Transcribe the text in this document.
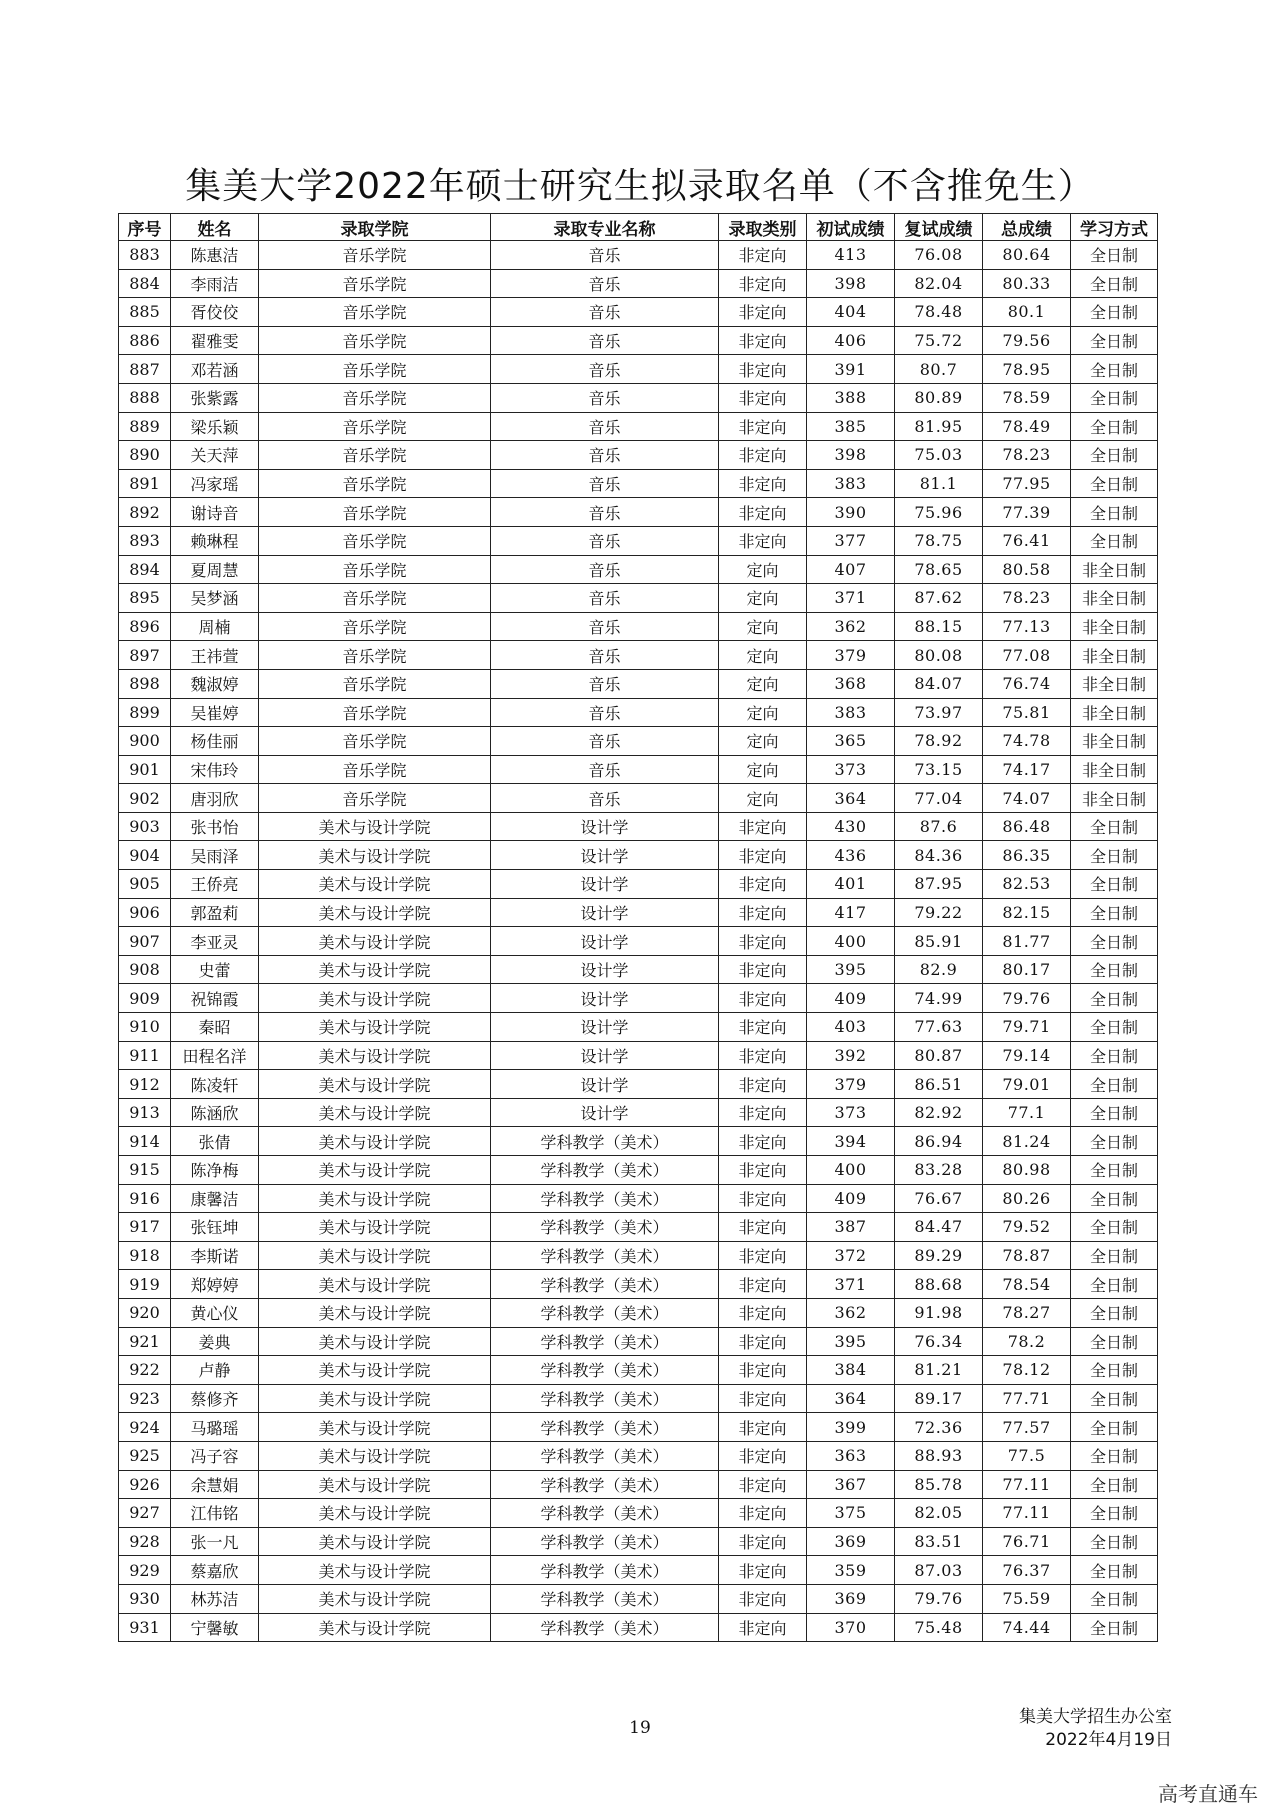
集美大学2022年硕士研究生拟录取名单（不含推免生）
序号	姓名	录取学院	录取专业名称	录取类别	初试成绩	复试成绩	总成绩	学习方式
883	陈惠洁	音乐学院	音乐	非定向	413	76.08	80.64	全日制
884	李雨洁	音乐学院	音乐	非定向	398	82.04	80.33	全日制
885	胥佼佼	音乐学院	音乐	非定向	404	78.48	80.1	全日制
886	翟雅雯	音乐学院	音乐	非定向	406	75.72	79.56	全日制
887	邓若涵	音乐学院	音乐	非定向	391	80.7	78.95	全日制
888	张紫露	音乐学院	音乐	非定向	388	80.89	78.59	全日制
889	梁乐颖	音乐学院	音乐	非定向	385	81.95	78.49	全日制
890	关天萍	音乐学院	音乐	非定向	398	75.03	78.23	全日制
891	冯家瑶	音乐学院	音乐	非定向	383	81.1	77.95	全日制
892	谢诗音	音乐学院	音乐	非定向	390	75.96	77.39	全日制
893	赖琳程	音乐学院	音乐	非定向	377	78.75	76.41	全日制
894	夏周慧	音乐学院	音乐	定向	407	78.65	80.58	非全日制
895	吴梦涵	音乐学院	音乐	定向	371	87.62	78.23	非全日制
896	周楠	音乐学院	音乐	定向	362	88.15	77.13	非全日制
897	王祎萱	音乐学院	音乐	定向	379	80.08	77.08	非全日制
898	魏淑婷	音乐学院	音乐	定向	368	84.07	76.74	非全日制
899	吴崔婷	音乐学院	音乐	定向	383	73.97	75.81	非全日制
900	杨佳丽	音乐学院	音乐	定向	365	78.92	74.78	非全日制
901	宋伟玲	音乐学院	音乐	定向	373	73.15	74.17	非全日制
902	唐羽欣	音乐学院	音乐	定向	364	77.04	74.07	非全日制
903	张书怡	美术与设计学院	设计学	非定向	430	87.6	86.48	全日制
904	吴雨泽	美术与设计学院	设计学	非定向	436	84.36	86.35	全日制
905	王侨亮	美术与设计学院	设计学	非定向	401	87.95	82.53	全日制
906	郭盈莉	美术与设计学院	设计学	非定向	417	79.22	82.15	全日制
907	李亚灵	美术与设计学院	设计学	非定向	400	85.91	81.77	全日制
908	史蕾	美术与设计学院	设计学	非定向	395	82.9	80.17	全日制
909	祝锦霞	美术与设计学院	设计学	非定向	409	74.99	79.76	全日制
910	秦昭	美术与设计学院	设计学	非定向	403	77.63	79.71	全日制
911	田程名洋	美术与设计学院	设计学	非定向	392	80.87	79.14	全日制
912	陈凌轩	美术与设计学院	设计学	非定向	379	86.51	79.01	全日制
913	陈涵欣	美术与设计学院	设计学	非定向	373	82.92	77.1	全日制
914	张倩	美术与设计学院	学科教学（美术）	非定向	394	86.94	81.24	全日制
915	陈净梅	美术与设计学院	学科教学（美术）	非定向	400	83.28	80.98	全日制
916	康馨洁	美术与设计学院	学科教学（美术）	非定向	409	76.67	80.26	全日制
917	张钰坤	美术与设计学院	学科教学（美术）	非定向	387	84.47	79.52	全日制
918	李斯诺	美术与设计学院	学科教学（美术）	非定向	372	89.29	78.87	全日制
919	郑婷婷	美术与设计学院	学科教学（美术）	非定向	371	88.68	78.54	全日制
920	黄心仪	美术与设计学院	学科教学（美术）	非定向	362	91.98	78.27	全日制
921	姜典	美术与设计学院	学科教学（美术）	非定向	395	76.34	78.2	全日制
922	卢静	美术与设计学院	学科教学（美术）	非定向	384	81.21	78.12	全日制
923	蔡修齐	美术与设计学院	学科教学（美术）	非定向	364	89.17	77.71	全日制
924	马璐瑶	美术与设计学院	学科教学（美术）	非定向	399	72.36	77.57	全日制
925	冯子容	美术与设计学院	学科教学（美术）	非定向	363	88.93	77.5	全日制
926	余慧娟	美术与设计学院	学科教学（美术）	非定向	367	85.78	77.11	全日制
927	江伟铭	美术与设计学院	学科教学（美术）	非定向	375	82.05	77.11	全日制
928	张一凡	美术与设计学院	学科教学（美术）	非定向	369	83.51	76.71	全日制
929	蔡嘉欣	美术与设计学院	学科教学（美术）	非定向	359	87.03	76.37	全日制
930	林苏洁	美术与设计学院	学科教学（美术）	非定向	369	79.76	75.59	全日制
931	宁馨敏	美术与设计学院	学科教学（美术）	非定向	370	75.48	74.44	全日制
集美大学招生办公室
2022年4月19日
19
高考直通车
